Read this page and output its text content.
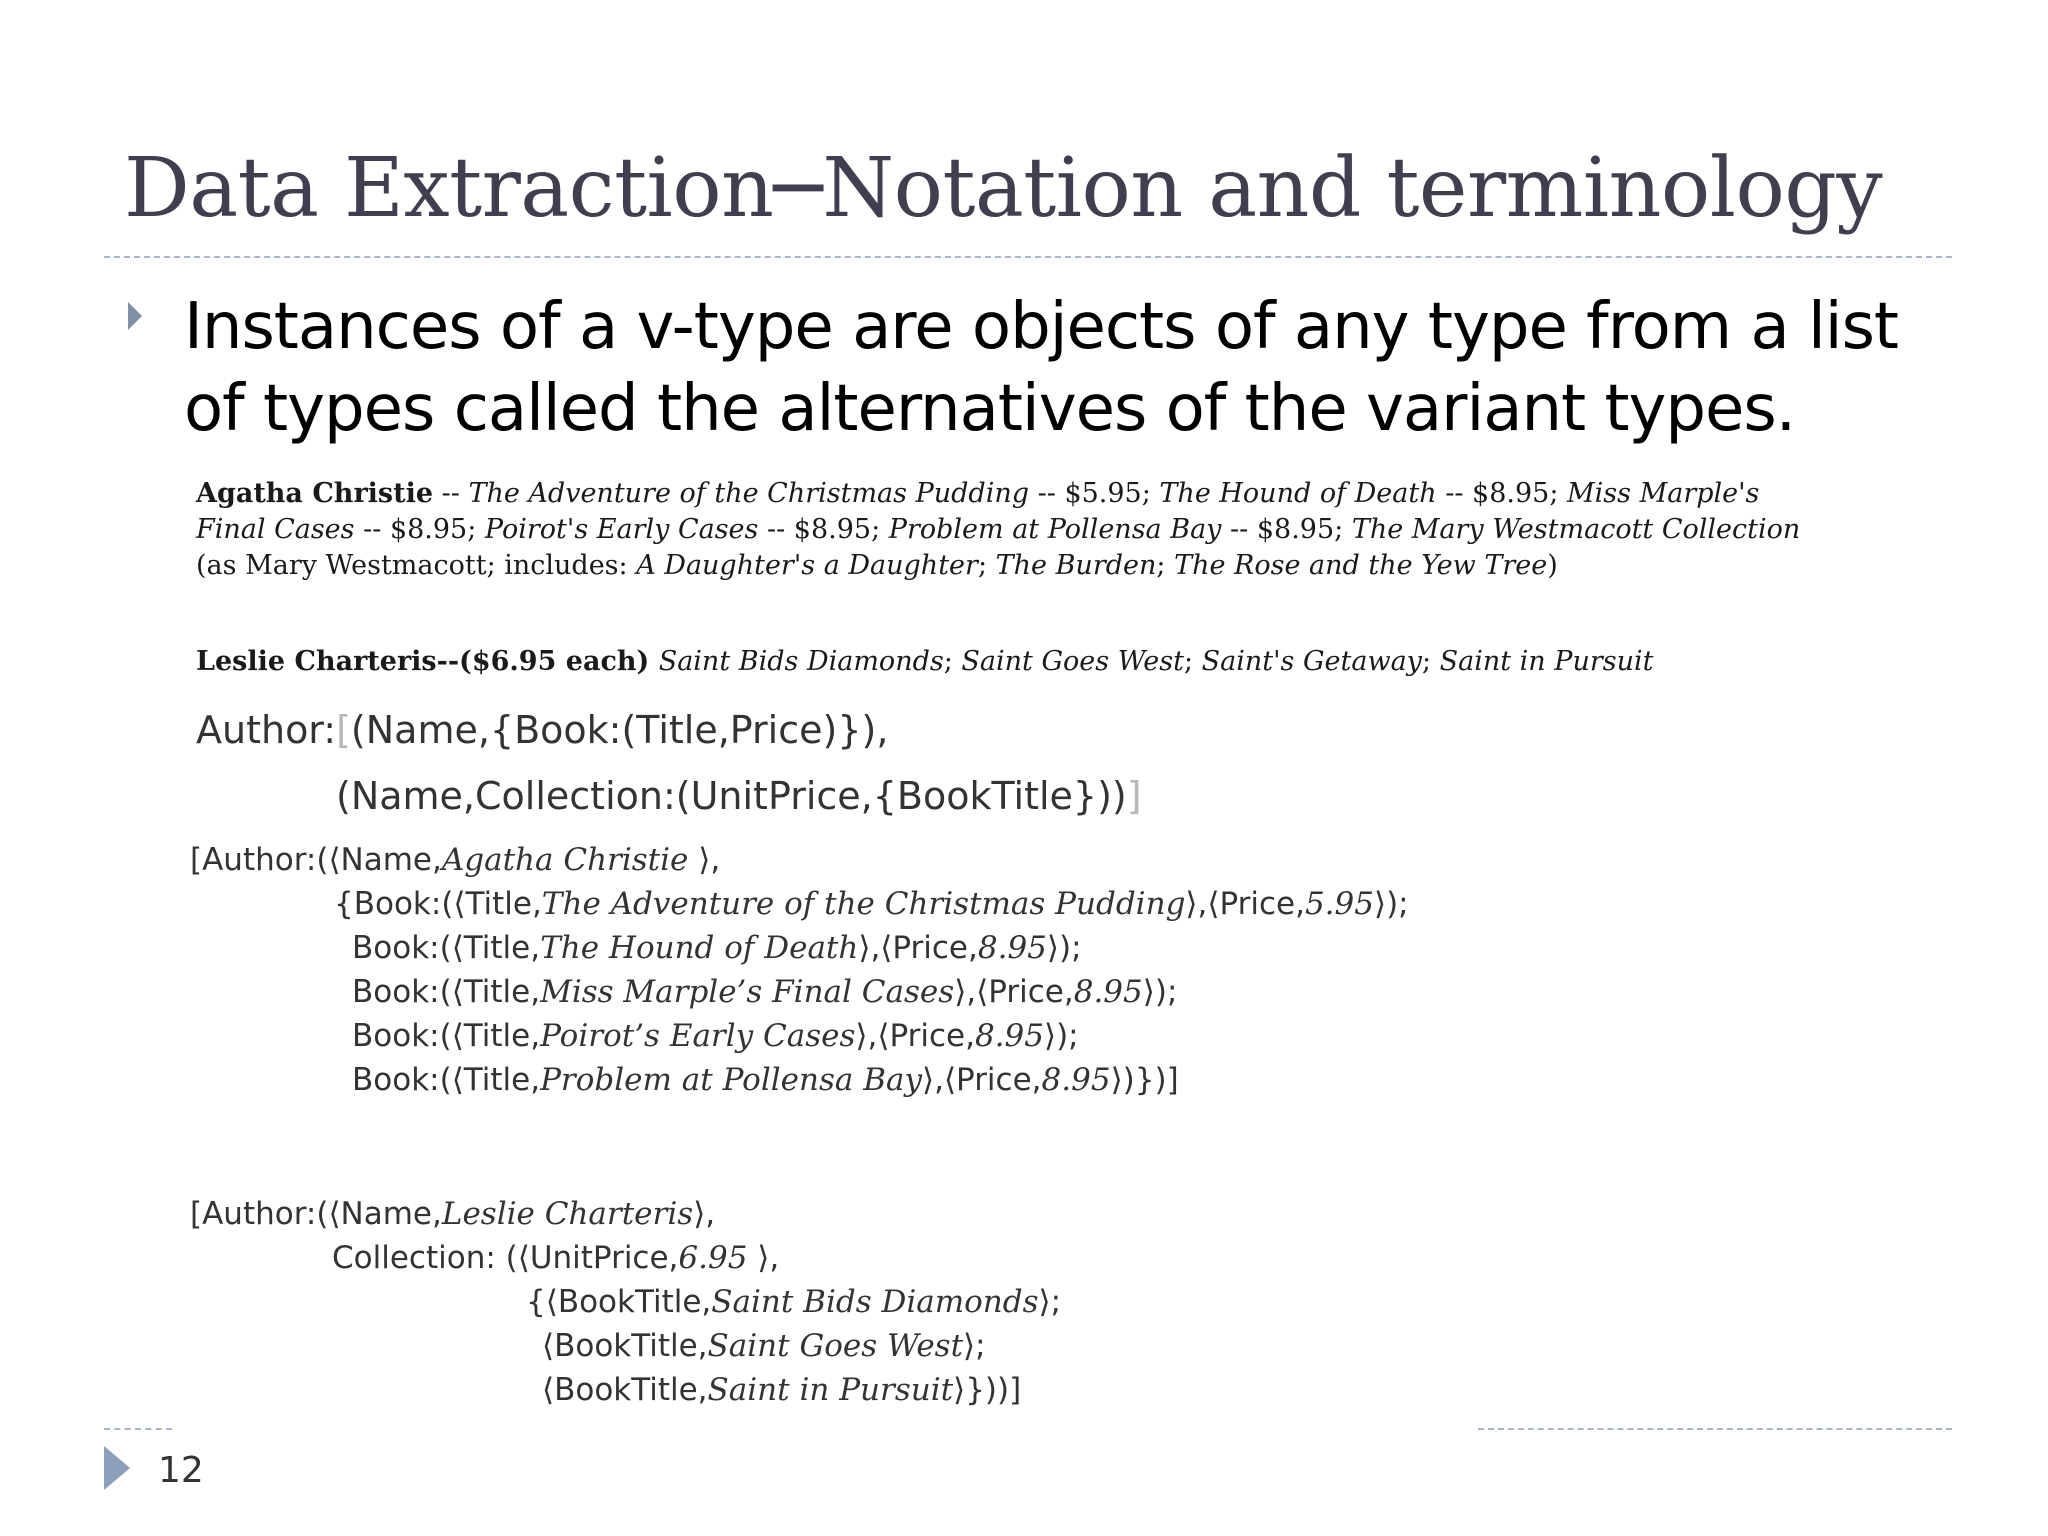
Data Extraction─Notation and terminology
Instances of a v-type are objects of any type from a list of types called the alternatives of the variant types.
Agatha Christie -- The Adventure of the Christmas Pudding -- $5.95; The Hound of Death -- $8.95; Miss Marple's Final Cases -- $8.95; Poirot's Early Cases -- $8.95; Problem at Pollensa Bay -- $8.95; The Mary Westmacott Collection (as Mary Westmacott; includes: A Daughter's a Daughter; The Burden; The Rose and the Yew Tree)
Leslie Charteris--($6.95 each) Saint Bids Diamonds; Saint Goes West; Saint's Getaway; Saint in Pursuit
Author:[(Name,{Book:(Title,Price)}),
(Name,Collection:(UnitPrice,{BookTitle}))]
[Author:(⟨Name,Agatha Christie ⟩,
{Book:(⟨Title,The Adventure of the Christmas Pudding⟩,⟨Price,5.95⟩);
Book:(⟨Title,The Hound of Death⟩,⟨Price,8.95⟩);
Book:(⟨Title,Miss Marple’s Final Cases⟩,⟨Price,8.95⟩);
Book:(⟨Title,Poirot’s Early Cases⟩,⟨Price,8.95⟩);
Book:(⟨Title,Problem at Pollensa Bay⟩,⟨Price,8.95⟩)})]
[Author:(⟨Name,Leslie Charteris⟩,
Collection: (⟨UnitPrice,6.95 ⟩,
{⟨BookTitle,Saint Bids Diamonds⟩;
⟨BookTitle,Saint Goes West⟩;
⟨BookTitle,Saint in Pursuit⟩}))]
12
